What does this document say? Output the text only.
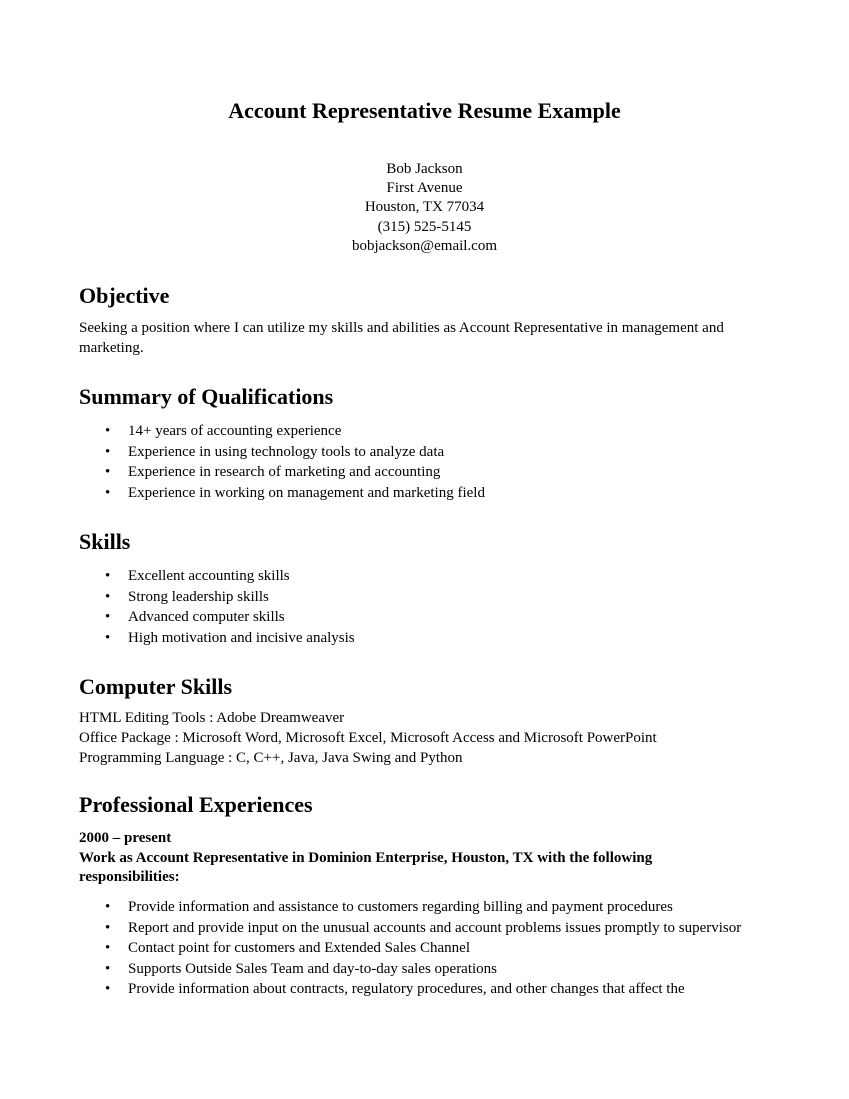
Account Representative Resume Example
Bob Jackson
First Avenue
Houston, TX 77034
(315) 525-5145
bobjackson@email.com
Objective
Seeking a position where I can utilize my skills and abilities as Account Representative in management and marketing.
Summary of Qualifications
• 14+ years of accounting experience
• Experience in using technology tools to analyze data
• Experience in research of marketing and accounting
• Experience in working on management and marketing field
Skills
• Excellent accounting skills
• Strong leadership skills
• Advanced computer skills
• High motivation and incisive analysis
Computer Skills
HTML Editing Tools : Adobe Dreamweaver
Office Package : Microsoft Word, Microsoft Excel, Microsoft Access and Microsoft PowerPoint
Programming Language : C, C++, Java, Java Swing and Python
Professional Experiences
2000 – present
Work as Account Representative in Dominion Enterprise, Houston, TX with the following responsibilities:
• Provide information and assistance to customers regarding billing and payment procedures
• Report and provide input on the unusual accounts and account problems issues promptly to supervisor
• Contact point for customers and Extended Sales Channel
• Supports Outside Sales Team and day-to-day sales operations
• Provide information about contracts, regulatory procedures, and other changes that affect the
